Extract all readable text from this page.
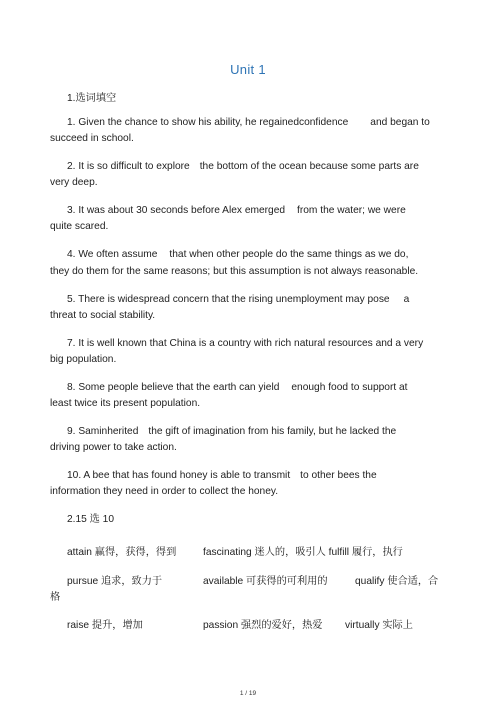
Unit 1
1.选词填空
1. Given the chance to show his ability, he regainedconfidence and began to
succeed in school.
2. It is so difficult to explore the bottom of the ocean because some parts are
very deep.
3. It was about 30 seconds before Alex emerged from the water; we were
quite scared.
4. We often assume that when other people do the same things as we do,
they do them for the same reasons; but this assumption is not always reasonable.
5. There is widespread concern that the rising unemployment may pose a
threat to social stability.
7. It is well known that China is a country with rich natural resources and a very
big population.
8. Some people believe that the earth can yield enough food to support at
least twice its present population.
9. Saminherited the gift of imagination from his family, but he lacked the
driving power to take action.
10. A bee that has found honey is able to transmit to other bees the
information they need in order to collect the honey.
2.15 选 10
attain 赢得，获得，得到	fascinating 迷人的，吸引人 fulfill 履行，执行
pursue 追求，致力于	available 可获得的可利用的	qualify 使合适，合
格
raise 提升，增加	passion 强烈的爱好，热爱 virtually 实际上
1 / 19
